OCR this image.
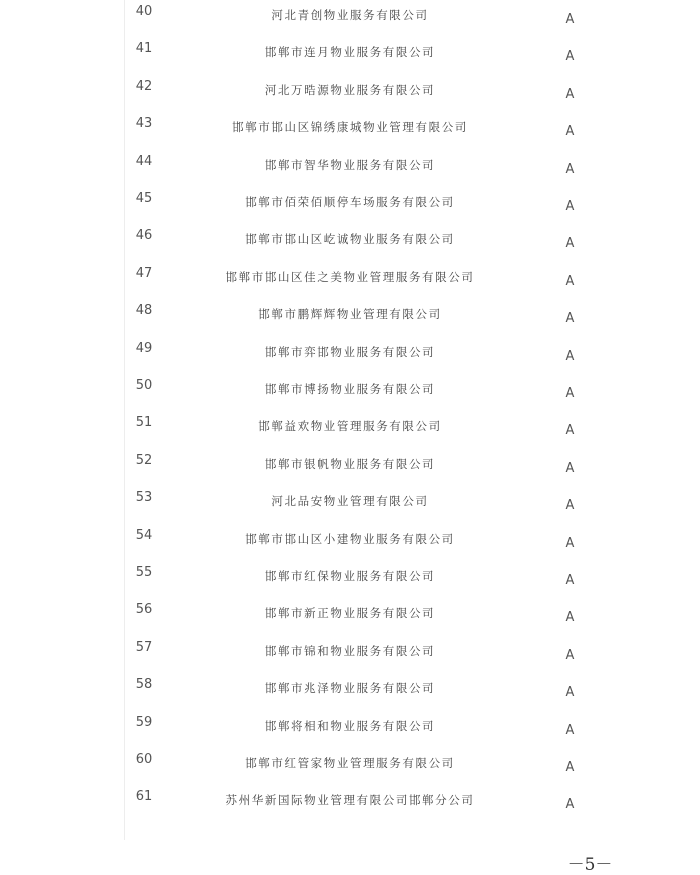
40	河北青创物业服务有限公司	A
41	邯郸市连月物业服务有限公司	A
42	河北万晧源物业服务有限公司	A
43	邯郸市邯山区锦绣康城物业管理有限公司	A
44	邯郸市智华物业服务有限公司	A
45	邯郸市佰荣佰顺停车场服务有限公司	A
46	邯郸市邯山区屹诚物业服务有限公司	A
47	邯郸市邯山区佳之美物业管理服务有限公司	A
48	邯郸市鹏辉辉物业管理有限公司	A
49	邯郸市弈邯物业服务有限公司	A
50	邯郸市博扬物业服务有限公司	A
51	邯郸益欢物业管理服务有限公司	A
52	邯郸市银帆物业服务有限公司	A
53	河北品安物业管理有限公司	A
54	邯郸市邯山区小建物业服务有限公司	A
55	邯郸市红保物业服务有限公司	A
56	邯郸市新正物业服务有限公司	A
57	邯郸市锦和物业服务有限公司	A
58	邯郸市兆泽物业服务有限公司	A
59	邯郸将相和物业服务有限公司	A
60	邯郸市红管家物业管理服务有限公司	A
61	苏州华新国际物业管理有限公司邯郸分公司	A
－5－
